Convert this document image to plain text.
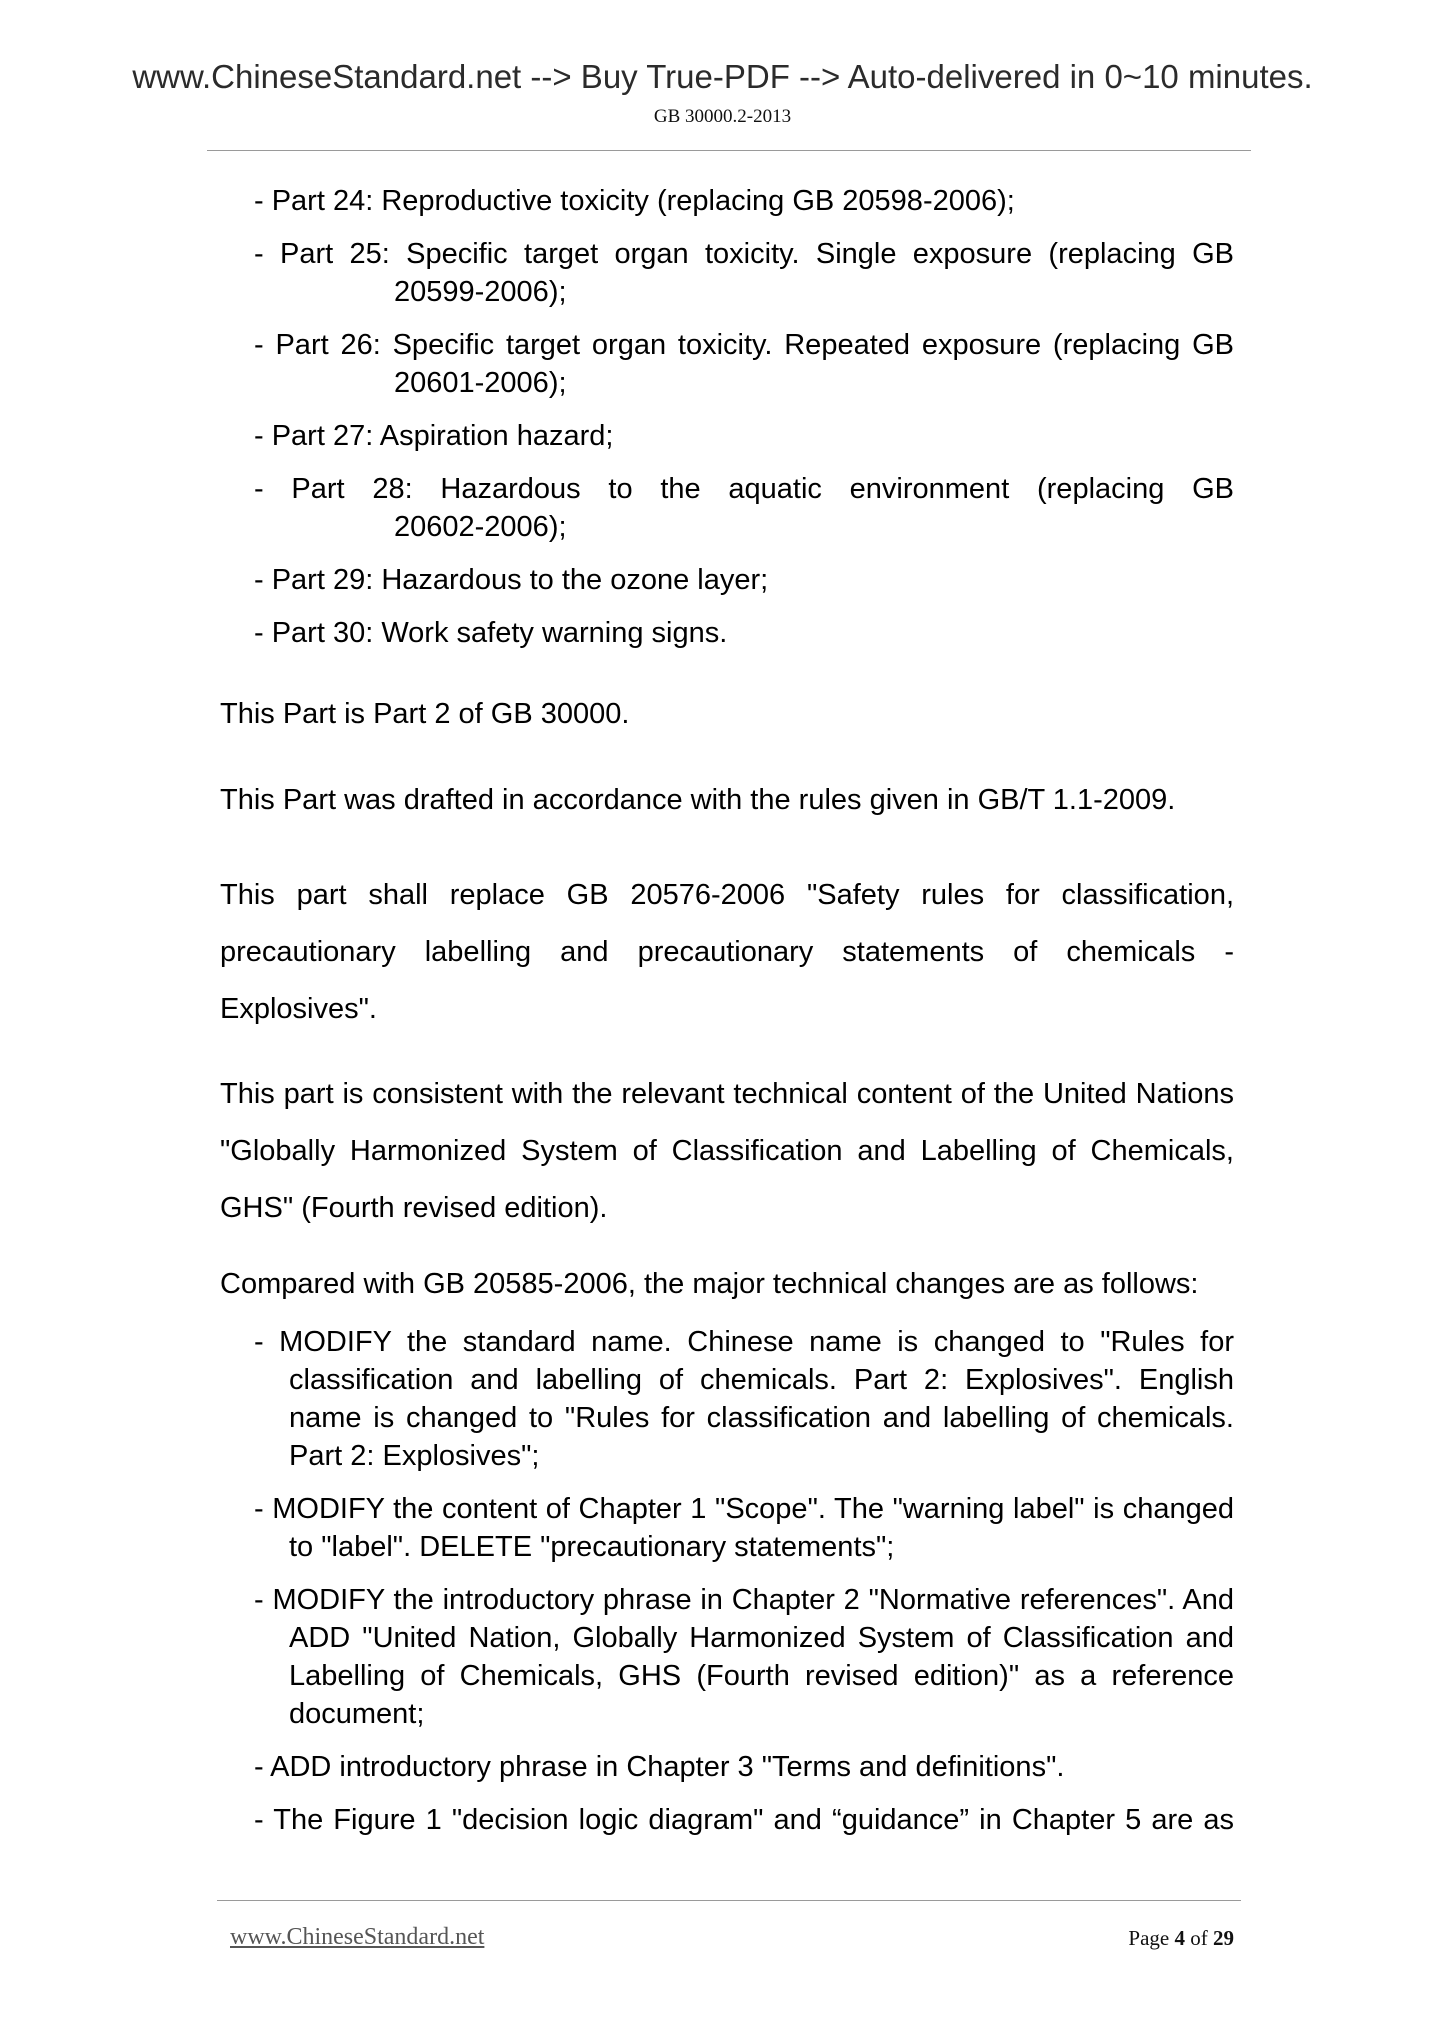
www.ChineseStandard.net --> Buy True-PDF --> Auto-delivered in 0~10 minutes.
GB 30000.2-2013
- Part 24: Reproductive toxicity (replacing GB 20598-2006);
- Part 25: Specific target organ toxicity. Single exposure (replacing GB
20599-2006);
- Part 26: Specific target organ toxicity. Repeated exposure (replacing GB
20601-2006);
- Part 27: Aspiration hazard;
- Part 28: Hazardous to the aquatic environment (replacing GB
20602-2006);
- Part 29: Hazardous to the ozone layer;
- Part 30: Work safety warning signs.
This Part is Part 2 of GB 30000.
This Part was drafted in accordance with the rules given in GB/T 1.1-2009.
This part shall replace GB 20576-2006 "Safety rules for classification, precautionary labelling and precautionary statements of chemicals - Explosives".
This part is consistent with the relevant technical content of the United Nations "Globally Harmonized System of Classification and Labelling of Chemicals, GHS" (Fourth revised edition).
Compared with GB 20585-2006, the major technical changes are as follows:
- MODIFY the standard name. Chinese name is changed to "Rules for
classification and labelling of chemicals. Part 2: Explosives". English name is changed to "Rules for classification and labelling of chemicals. Part 2: Explosives";
- MODIFY the content of Chapter 1 "Scope". The "warning label" is changed
to "label". DELETE "precautionary statements";
- MODIFY the introductory phrase in Chapter 2 "Normative references". And
ADD "United Nation, Globally Harmonized System of Classification and Labelling of Chemicals, GHS (Fourth revised edition)" as a reference document;
- ADD introductory phrase in Chapter 3 "Terms and definitions".
- The Figure 1 "decision logic diagram" and “guidance” in Chapter 5 are as
www.ChineseStandard.net	Page 4 of 29
